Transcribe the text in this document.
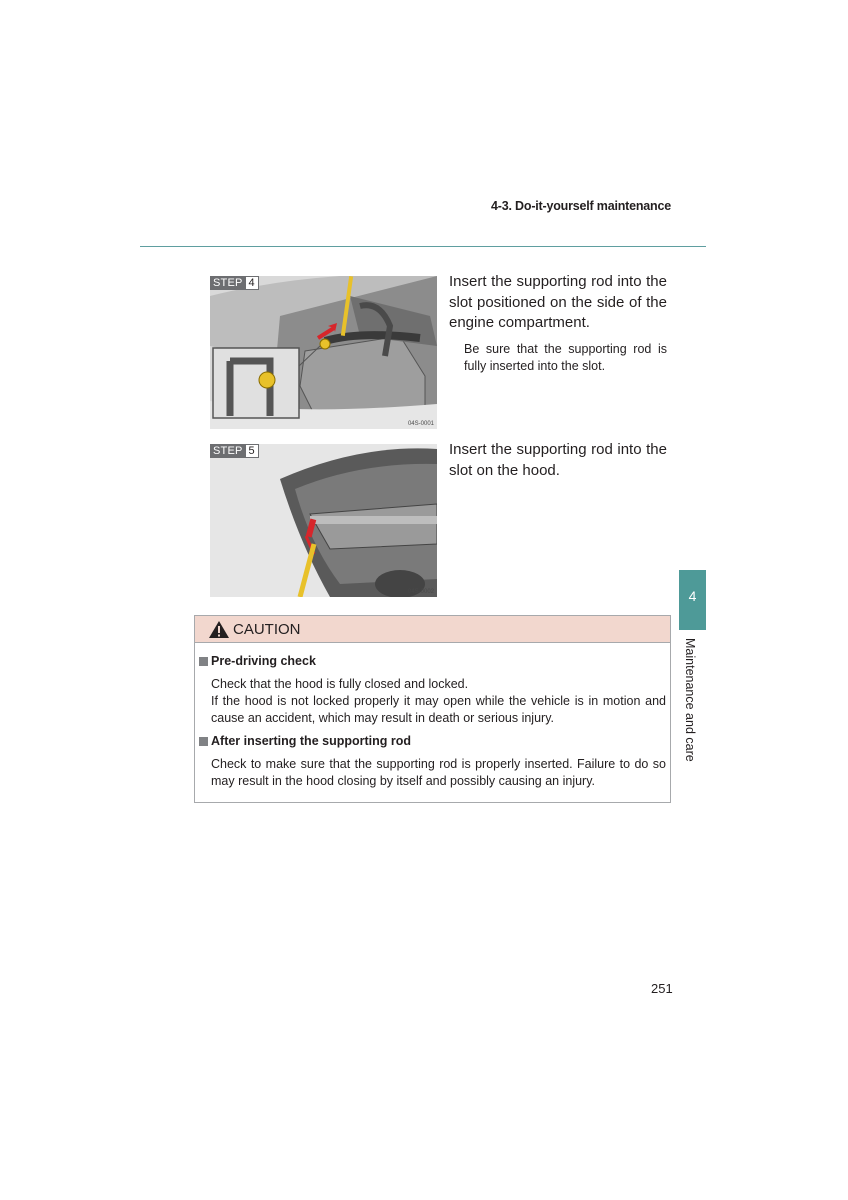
4-3. Do-it-yourself maintenance
STEP 4
04S-0001
Insert the supporting rod into the slot positioned on the side of the engine compartment.
Be sure that the supporting rod is fully inserted into the slot.
STEP 5
04S-0002
Insert the supporting rod into the slot on the hood.
4
Maintenance and care
CAUTION
Pre-driving check
Check that the hood is fully closed and locked.
If the hood is not locked properly it may open while the vehicle is in motion and cause an accident, which may result in death or serious injury.
After inserting the supporting rod
Check to make sure that the supporting rod is properly inserted. Failure to do so may result in the hood closing by itself and possibly causing an injury.
251
